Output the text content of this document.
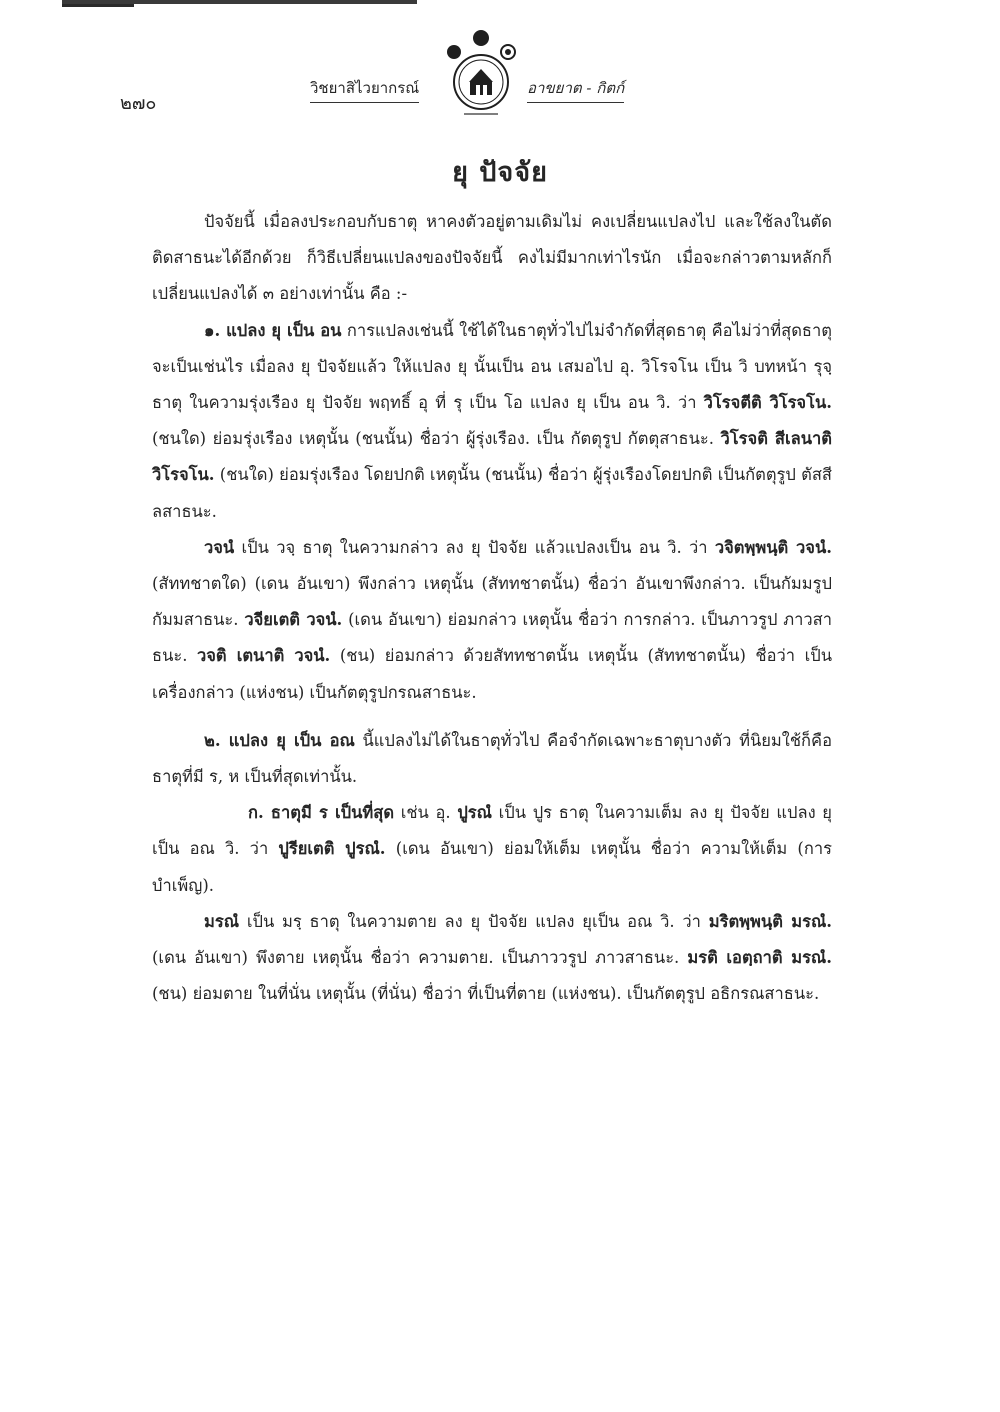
๒๗๐
วิชยาสิไวยากรณ์	อาขยาต - กิตก์
ยุ ปัจจัย

ปัจจัยนี้ เมื่อลงประกอบกับธาตุ หาคงตัวอยู่ตามเดิมไม่ คงเปลี่ยนแปลงไป และใช้ลงในตัดติดสาธนะได้อีกด้วย ก็วิธีเปลี่ยนแปลงของปัจจัยนี้ คงไม่มีมากเท่าไรนัก เมื่อจะกล่าวตามหลักก็เปลี่ยนแปลงได้ ๓ อย่างเท่านั้น คือ :-

๑. แปลง ยุ เป็น อน การแปลงเช่นนี้ ใช้ได้ในธาตุทั่วไปไม่จำกัดที่สุดธาตุ คือไม่ว่าที่สุดธาตุจะเป็นเช่นไร เมื่อลง ยุ ปัจจัยแล้ว ให้แปลง ยุ นั้นเป็น อน เสมอไป อุ. วิโรจโน เป็น วิ บทหน้า รุจฺ ธาตุ ในความรุ่งเรือง ยุ ปัจจัย พฤทธิ์ อุ ที่ รุ เป็น โอ แปลง ยุ เป็น อน วิ. ว่า วิโรจตีติ วิโรจโน. (ชนใด) ย่อมรุ่งเรือง เหตุนั้น (ชนนั้น) ชื่อว่า ผู้รุ่งเรือง. เป็น กัตตุรูป กัตตุสาธนะ. วิโรจติ สีเลนาติ วิโรจโน. (ชนใด) ย่อมรุ่งเรือง โดยปกติ เหตุนั้น (ชนนั้น) ชื่อว่า ผู้รุ่งเรืองโดยปกติ เป็นกัตตุรูป ตัสสีลสาธนะ.

วจนํ เป็น วจฺ ธาตุ ในความกล่าว ลง ยุ ปัจจัย แล้วแปลงเป็น อน วิ. ว่า วจิตพฺพนฺติ วจนํ. (สัททชาตใด) (เดน อันเขา) พึงกล่าว เหตุนั้น (สัททชาตนั้น) ชื่อว่า อันเขาพึงกล่าว. เป็นกัมมรูป กัมมสาธนะ. วจียเตติ วจนํ. (เดน อันเขา) ย่อมกล่าว เหตุนั้น ชื่อว่า การกล่าว. เป็นภาวรูป ภาวสาธนะ. วจติ เตนาติ วจนํ. (ชน) ย่อมกล่าว ด้วยสัททชาตนั้น เหตุนั้น (สัททชาตนั้น) ชื่อว่า เป็นเครื่องกล่าว (แห่งชน) เป็นกัตตุรูปกรณสาธนะ.

๒. แปลง ยุ เป็น อณ นี้แปลงไม่ได้ในธาตุทั่วไป คือจำกัดเฉพาะธาตุบางตัว ที่นิยมใช้ก็คือธาตุที่มี ร, ห เป็นที่สุดเท่านั้น.

ก. ธาตุมี ร เป็นที่สุด เช่น อุ. ปูรณํ เป็น ปูร ธาตุ ในความเต็ม ลง ยุ ปัจจัย แปลง ยุ เป็น อณ วิ. ว่า ปูรียเตติ ปูรณํ. (เดน อันเขา) ย่อมให้เต็ม เหตุนั้น ชื่อว่า ความให้เต็ม (การบำเพ็ญ).

มรณํ เป็น มรฺ ธาตุ ในความตาย ลง ยุ ปัจจัย แปลง ยุเป็น อณ วิ. ว่า มริตพฺพนฺติ มรณํ. (เดน อันเขา) พึงตาย เหตุนั้น ชื่อว่า ความตาย. เป็นภาววรูป ภาวสาธนะ. มรติ เอตฺถาติ มรณํ. (ชน) ย่อมตาย ในที่นั่น เหตุนั้น (ที่นั่น) ชื่อว่า ที่เป็นที่ตาย (แห่งชน). เป็นกัตตุรูป อธิกรณสาธนะ.
